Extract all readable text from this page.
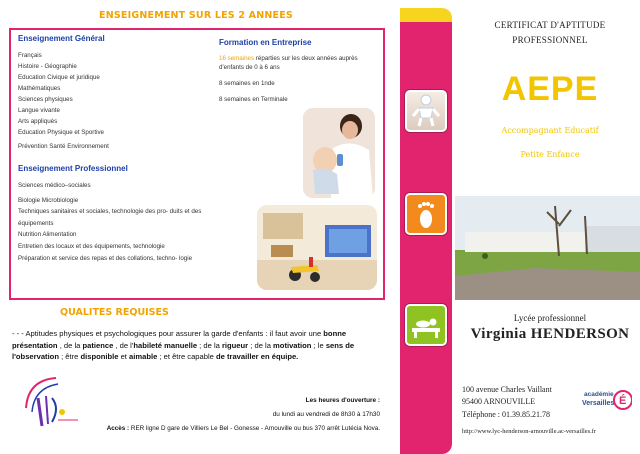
ENSEIGNEMENT SUR LES 2 ANNEES
Enseignement Général
Français
Histoire - Géographie
Education Civique et juridique
Mathématiques
Sciences physiques
Langue vivante
Arts appliqués
Education Physique et Sportive
Prévention Santé Environnement
Enseignement Professionnel
Sciences médico–sociales
Biologie Microbiologie
Techniques sanitaires et sociales, technologie des pro- duits et des équipements
Nutrition Alimentation
Entretien des locaux et des équipements, technologie
Préparation et service des repas et des collations, techno- logie
Formation en Entreprise
16 semaines réparties sur les deux années auprès d'enfants de 0 à 6 ans

8 semaines en 1nde

8 semaines en Terminale

QUALITES REQUISES
- - - Aptitudes physiques et psychologiques pour assurer la garde d'enfants : il faut avoir une bonne présentation , de la patience , de l'habileté manuelle ; de la rigueur ; de la motivation ; le sens de l'observation ; être disponible et aimable ; et être capable de travailler en équipe.
Les heures d'ouverture :
du lundi au vendredi de 8h30 à 17h30
Accès : RER ligne D gare de Villiers Le Bel - Gonesse - Arnouville ou bus 370 arrêt Lutécia Nova.
CERTIFICAT D'APTITUDE
PROFESSIONNEL
AEPE
Accompagnant Educatif
Petite Enfance
Lycée professionnel
Virginia HENDERSON
100 avenue Charles Vaillant
95400 ARNOUVILLE
Téléphone : 01.39.85.21.78
http://www.lyc-henderson-arnouville.ac-versailles.fr
académie
Versailles É
